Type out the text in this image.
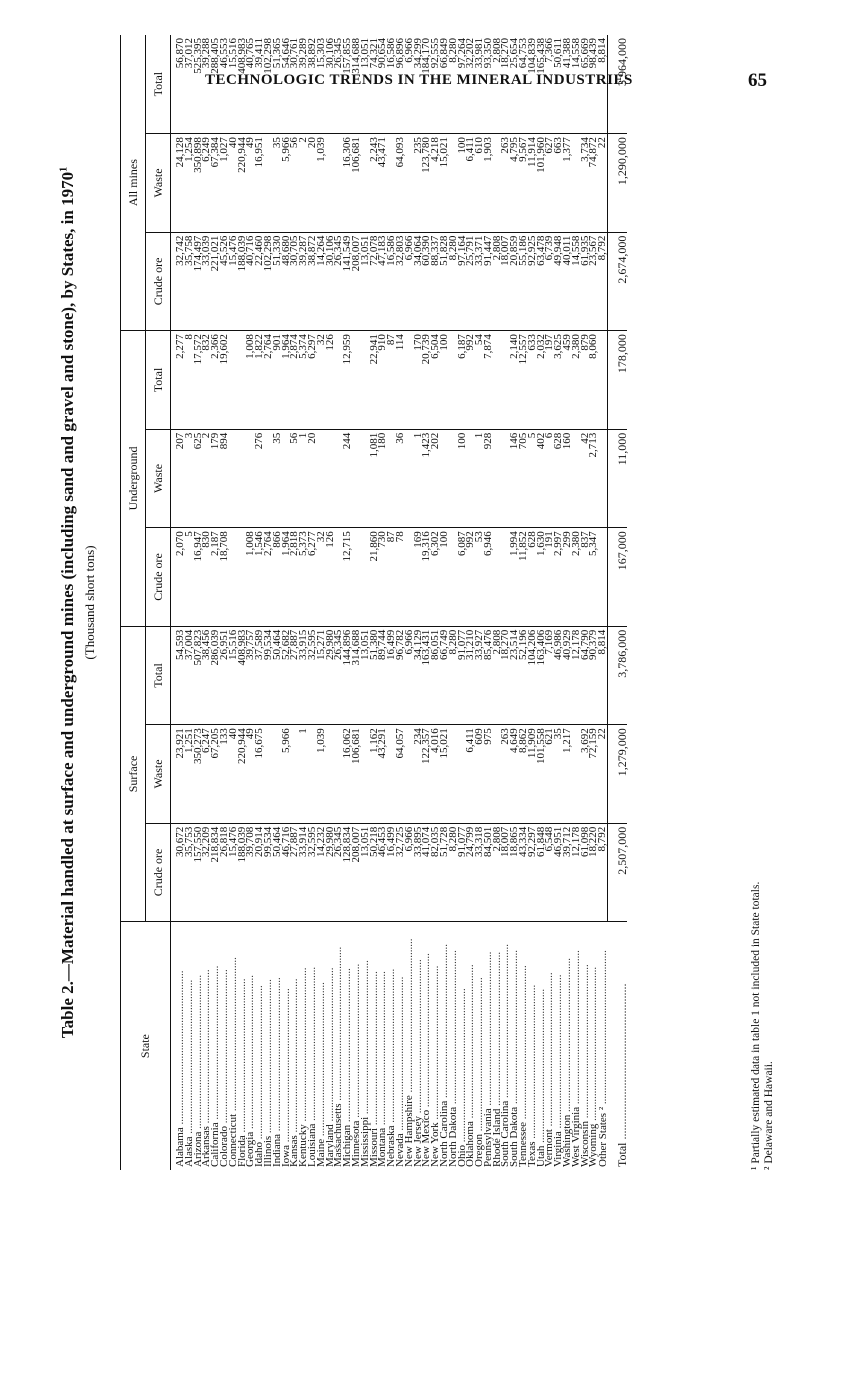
TECHNOLOGIC TRENDS IN THE MINERAL INDUSTRIES	65
Table 2.—Material handled at surface and underground mines (including sand and gravel and stone), by States, in 1970$^1$
(Thousand short tons)
State	Surface			Underground			All mines		
	Crude ore	Waste	Total	Crude ore	Waste	Total	Crude ore	Waste	Total
Alabama .....	30,672	23,921	54,593	2,070	207	2,277	32,742	24,128	56,870
Alaska .....	35,753	1,251	37,004	5	3	8	35,758	1,254	37,012
Arizona .....	157,550	350,273	507,823	16,947	625	17,572	174,497	350,898	525,395
Arkansas .....	32,209	6,247	38,456	830	2	832	33,039	6,249	39,288
California .....	218,834	67,205	286,039	2,187	179	2,366	221,021	67,384	288,405
Colorado .....	26,818	133	26,951	18,708	894	19,602	45,526	1,027	46,553
Connecticut .....	15,476	40	15,516				15,476	40	15,516
Florida .....	188,039	220,944	408,983				188,039	220,944	408,983
Georgia .....	39,708	49	39,757	1,008		1,008	40,716	49	40,765
Idaho .....	20,914	16,675	37,589	1,546	276	1,822	22,460	16,951	39,411
Illinois .....	99,534		99,534	2,764		2,764	102,298		102,298
Indiana .....	50,464		50,464	866	35	901	51,330	35	51,365
Iowa .....	46,716	5,966	52,682	1,964		1,964	48,680	5,966	54,646
Kansas .....	27,887		27,887	2,818	56	2,874	30,705	56	30,761
Kentucky .....	33,914	1	33,915	5,373	1	5,374	39,287	2	39,289
Louisiana .....	32,595		32,595	6,277	20	6,297	38,872	20	38,892
Maine .....	14,232	1,039	15,271	32		32	14,264	1,039	15,303
Maryland .....	29,980		29,980	126		126	30,106		30,106
Massachusetts .....	26,345		26,345				26,345		26,345
Michigan .....	128,834	16,062	144,896	12,715	244	12,959	141,549	16,306	157,855
Minnesota .....	208,007	106,681	314,688				208,007	106,681	314,688
Mississippi .....	13,051		13,051				13,051		13,051
Missouri .....	50,218	1,162	51,380	21,860	1,081	22,941	72,078	2,243	74,321
Montana .....	46,453	43,291	89,744	730	180	910	47,183	43,471	90,654
Nebraska .....	16,499		16,499	87		87	16,586		16,586
Nevada .....	32,725	64,057	96,782	78	36	114	32,803	64,093	96,896
New Hampshire .....	6,966		6,966				6,966		6,966
New Jersey .....	33,895	234	34,129	169	1	170	34,064	235	34,299
New Mexico .....	41,074	122,357	163,431	19,316	1,423	20,739	60,390	123,780	184,170
New York .....	82,035	4,016	86,051	6,302	202	6,504	88,337	4,218	92,555
North Carolina .....	51,728	15,021	66,749	100		100	51,828	15,021	66,849
North Dakota .....	8,280		8,280				8,280		8,280
Ohio .....	91,077		91,077	6,087	100	6,187	97,164	100	97,264
Oklahoma .....	24,799	6,411	31,210	992		992	25,791	6,411	32,202
Oregon .....	33,318	609	33,927	53	1	54	33,371	610	33,981
Pennsylvania .....	84,501	975	85,476	6,946	928	7,874	91,447	1,903	93,350
Rhode Island .....	2,808		2,808				2,808		2,808
South Carolina .....	18,007	263	18,270				18,007	263	18,270
South Dakota .....	18,865	4,649	23,514	1,994	146	2,140	20,859	4,795	25,654
Tennessee .....	43,334	8,862	52,196	11,852	705	12,557	55,186	9,567	64,753
Texas .....	92,297	11,909	104,206	628	5	633	92,925	11,914	104,839
Utah .....	61,848	101,558	163,406	1,630	402	2,032	63,478	101,960	165,438
Vermont .....	6,548	621	7,169	191	6	197	6,739	627	7,366
Virginia .....	46,951	35	46,986	2,997	628	3,625	49,948	663	50,611
Washington .....	39,712	1,217	40,929	299	160	459	40,011	1,377	41,388
West Virginia .....	12,178		12,178	2,380		2,380	14,558		14,558
Wisconsin .....	61,098	3,692	64,790	837	42	879	61,935	3,734	65,669
Wyoming .....	18,220	72,159	90,379	5,347	2,713	8,060	23,567	74,872	98,439
Other States ² .....	8,792	22	8,814				8,792	22	8,814
Total .....	2,507,000	1,279,000	3,786,000	167,000	11,000	178,000	2,674,000	1,290,000	3,964,000
¹ Partially estimated data in table 1 not included in State totals. ² Delaware and Hawaii.
